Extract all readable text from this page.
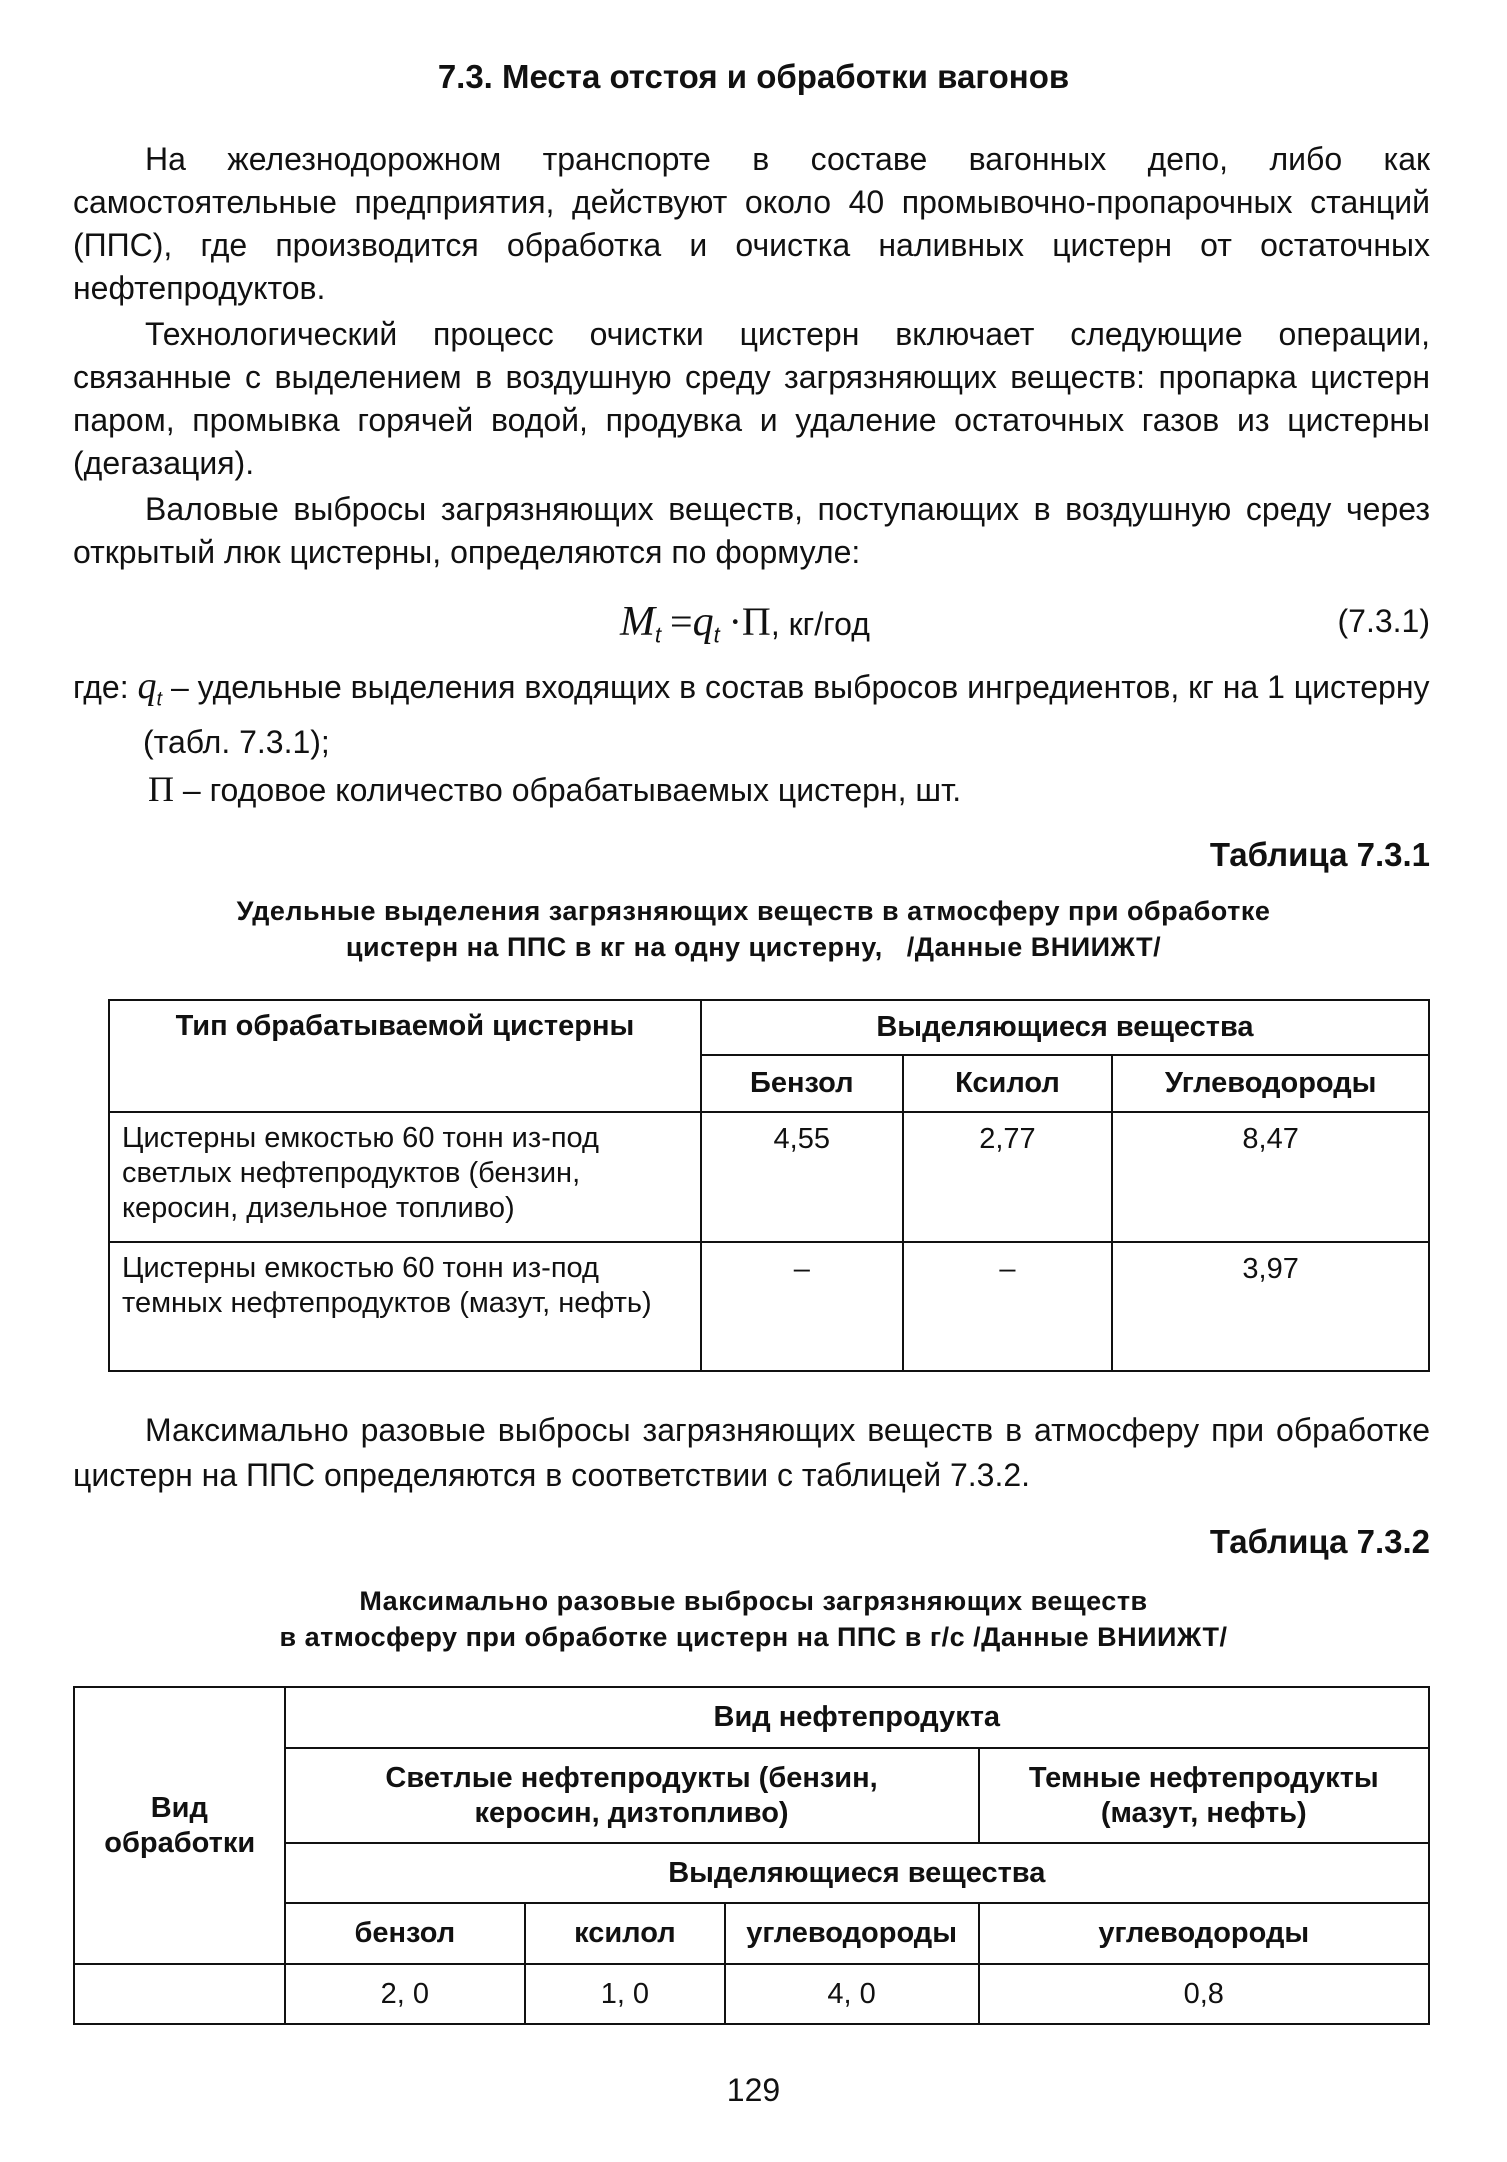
7.3. Места отстоя и обработки вагонов
На железнодорожном транспорте в составе вагонных депо, либо как самостоятельные предприятия, действуют около 40 промывочно-пропарочных станций (ППС), где производится обработка и очистка наливных цистерн от остаточных нефтепродуктов.
Технологический процесс очистки цистерн включает следующие операции, связанные с выделением в воздушную среду загрязняющих веществ: пропарка цистерн паром, промывка горячей водой, продувка и удаление остаточных газов из цистерны (дегазация).
Валовые выбросы загрязняющих веществ, поступающих в воздушную среду через открытый люк цистерны, определяются по формуле:
$M_t =q_t \cdot П$, кг/год	(7.3.1)
где: $q_t$ – удельные выделения входящих в состав выбросов ингредиентов, кг на 1 цистерну (табл. 7.3.1);
П – годовое количество обрабатываемых цистерн, шт.
Таблица 7.3.1
Удельные выделения загрязняющих веществ в атмосферу при обработке
цистерн на ППС в кг на одну цистерну,   /Данные ВНИИЖТ/
Тип обрабатываемой цистерны	Выделяющиеся вещества		
	Бензол	Ксилол	Углеводороды
Цистерны емкостью 60 тонн из-под светлых нефтепродуктов (бензин, керосин, дизельное топливо)	4,55	2,77	8,47
Цистерны емкостью 60 тонн из-под темных нефтепродуктов (мазут, нефть)	–	–	3,97
Максимально разовые выбросы загрязняющих веществ в атмосферу при обработке цистерн на ППС определяются в соответствии с таблицей 7.3.2.
Таблица 7.3.2
Максимально разовые выбросы загрязняющих веществ
в атмосферу при обработке цистерн на ППС в г/с /Данные ВНИИЖТ/
Вид обработки	Вид нефтепродукта			

	Светлые нефтепродукты (бензин, керосин, дизтопливо)			Темные нефтепродукты (мазут, нефть)

	Выделяющиеся вещества			
	бензол	ксилол	углеводороды	углеводороды
	2, 0	1, 0	4, 0	0,8
129
